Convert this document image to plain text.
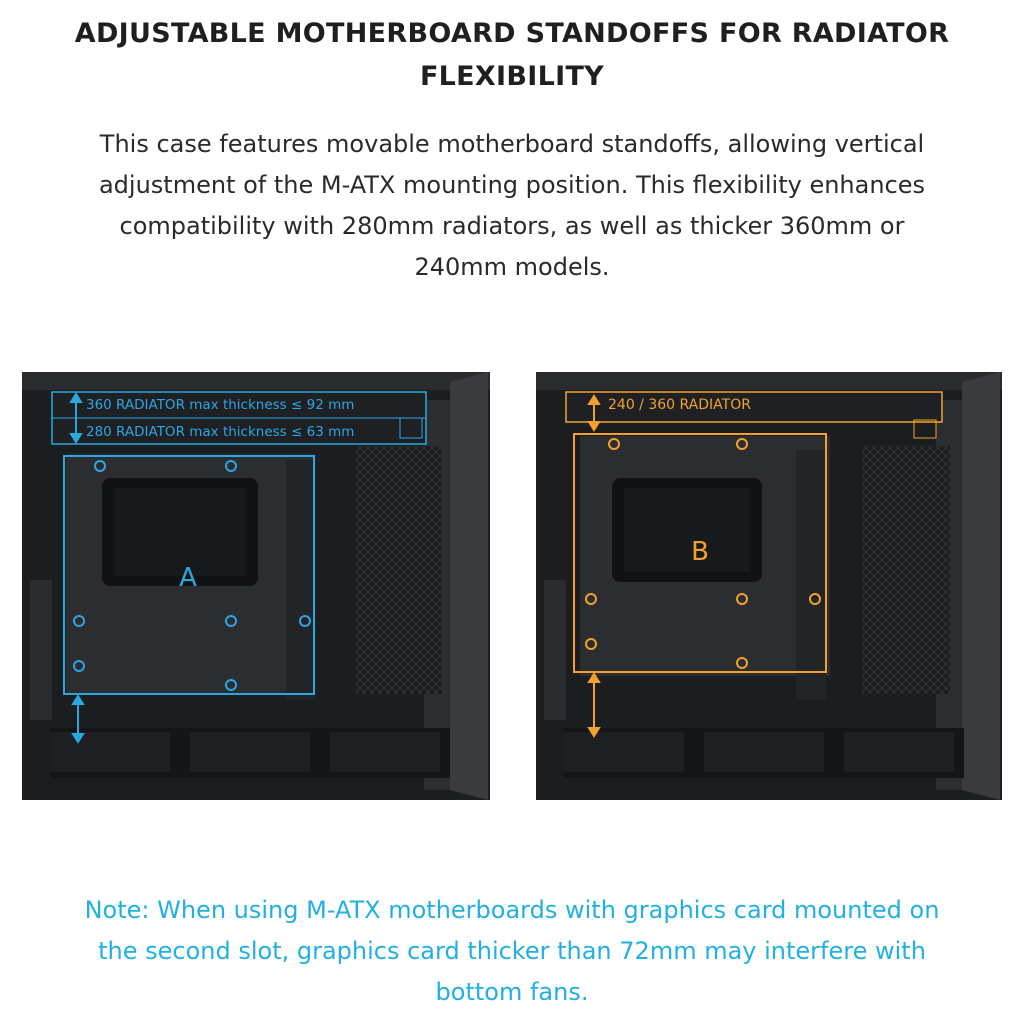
ADJUSTABLE MOTHERBOARD STANDOFFS FOR RADIATOR
FLEXIBILITY
This case features movable motherboard standoffs, allowing vertical
adjustment of the M-ATX mounting position. This flexibility enhances
compatibility with 280mm radiators, as well as thicker 360mm or
240mm models.
360 RADIATOR max thickness ≤ 92 mm
280 RADIATOR max thickness ≤ 63 mm
A
240 / 360 RADIATOR
B
Note: When using M-ATX motherboards with graphics card mounted on
the second slot, graphics card thicker than 72mm may interfere with
bottom fans.
